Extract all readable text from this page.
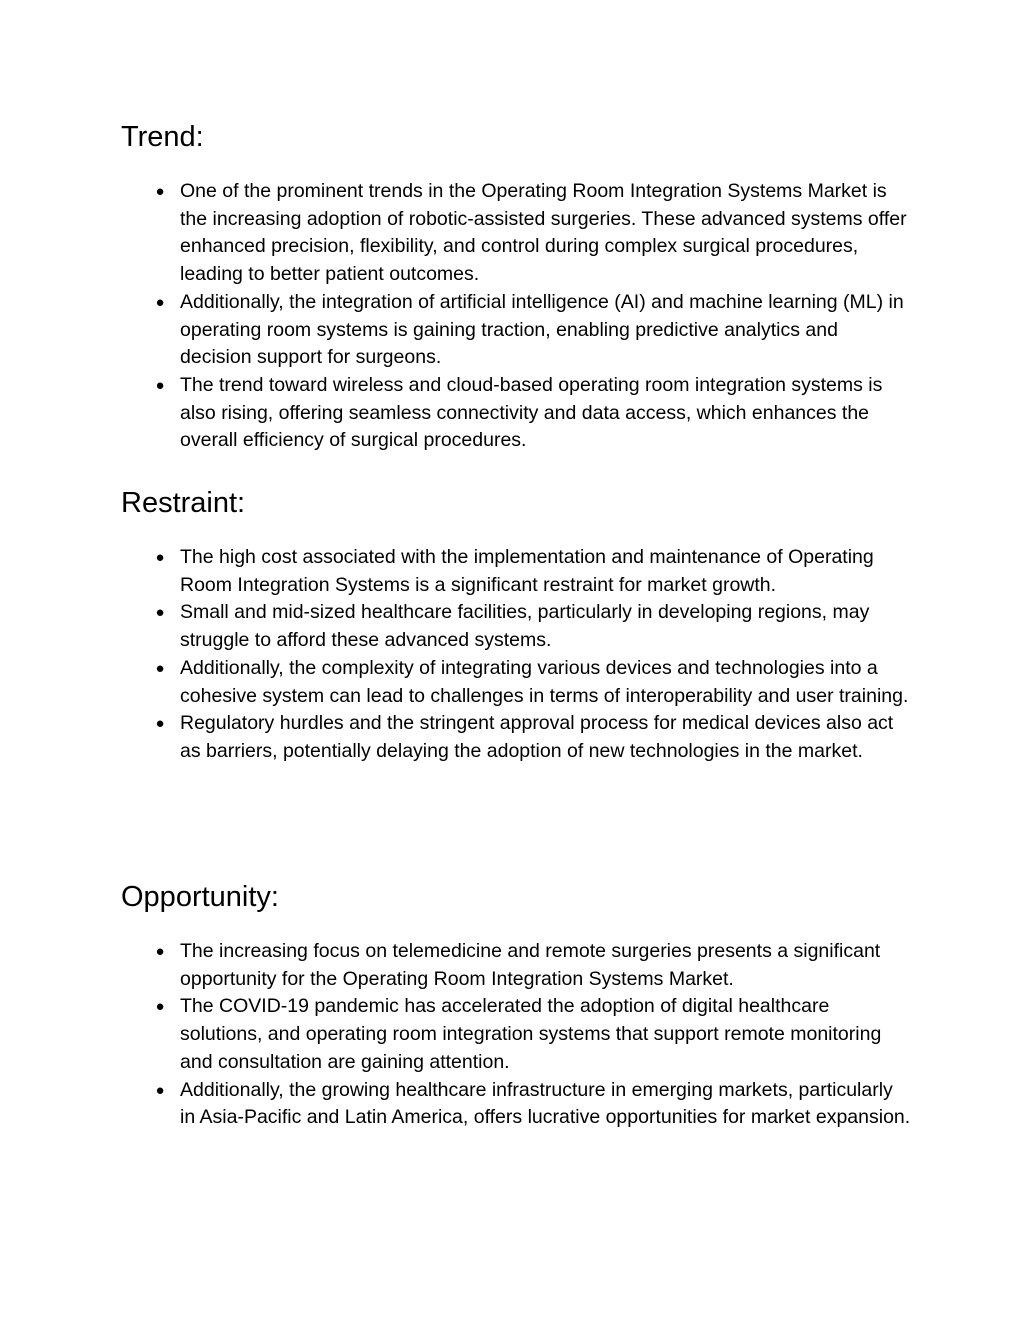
Trend:
● One of the prominent trends in the Operating Room Integration Systems Market is the increasing adoption of robotic-assisted surgeries. These advanced systems offer enhanced precision, flexibility, and control during complex surgical procedures, leading to better patient outcomes.
● Additionally, the integration of artificial intelligence (AI) and machine learning (ML) in operating room systems is gaining traction, enabling predictive analytics and decision support for surgeons.
● The trend toward wireless and cloud-based operating room integration systems is also rising, offering seamless connectivity and data access, which enhances the overall efficiency of surgical procedures.
Restraint:
● The high cost associated with the implementation and maintenance of Operating Room Integration Systems is a significant restraint for market growth.
● Small and mid-sized healthcare facilities, particularly in developing regions, may struggle to afford these advanced systems.
● Additionally, the complexity of integrating various devices and technologies into a cohesive system can lead to challenges in terms of interoperability and user training.
● Regulatory hurdles and the stringent approval process for medical devices also act as barriers, potentially delaying the adoption of new technologies in the market.
Opportunity:
● The increasing focus on telemedicine and remote surgeries presents a significant opportunity for the Operating Room Integration Systems Market.
● The COVID-19 pandemic has accelerated the adoption of digital healthcare solutions, and operating room integration systems that support remote monitoring and consultation are gaining attention.
● Additionally, the growing healthcare infrastructure in emerging markets, particularly in Asia-Pacific and Latin America, offers lucrative opportunities for market expansion.
